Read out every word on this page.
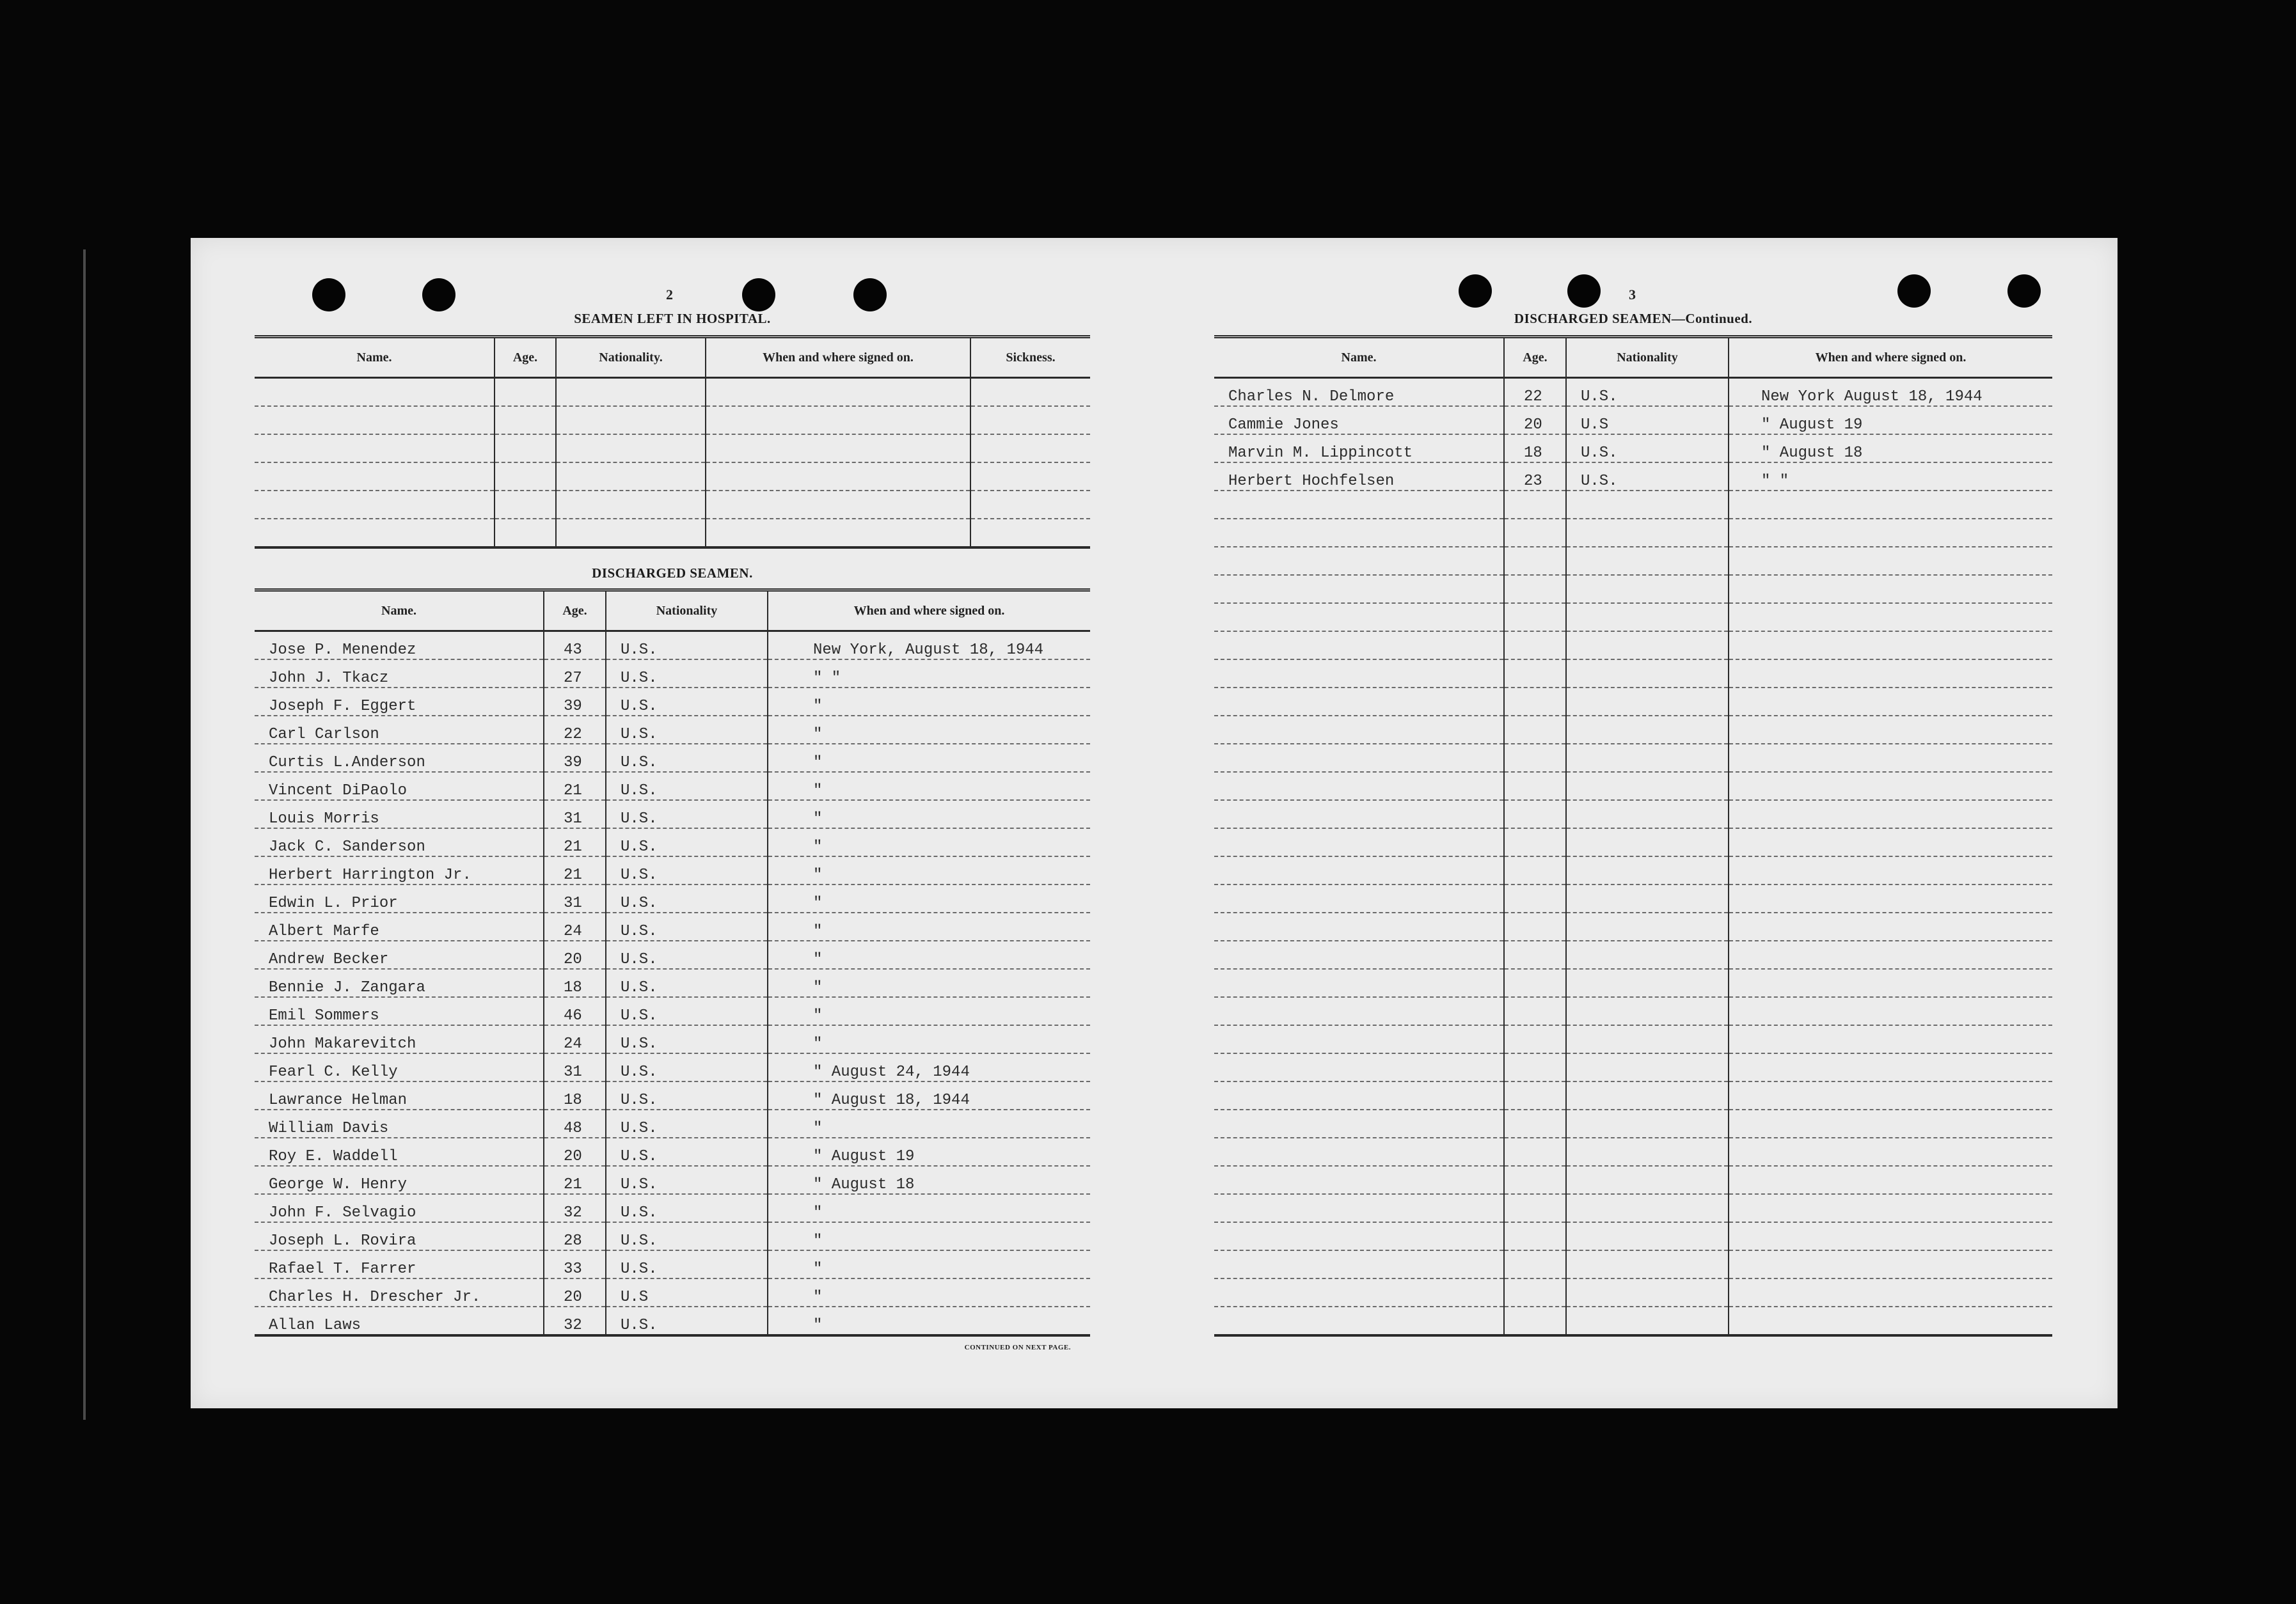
2
SEAMEN LEFT IN HOSPITAL.
Name.	Age.	Nationality.	When and where signed on.	Sickness.

DISCHARGED SEAMEN.
Name.	Age.	Nationality	When and where signed on.
Jose P. Menendez	43	U.S.	New York, August 18, 1944
John J. Tkacz	27	U.S.	" "
Joseph F. Eggert	39	U.S.	"
Carl Carlson	22	U.S.	"
Curtis L.Anderson	39	U.S.	"
Vincent DiPaolo	21	U.S.	"
Louis Morris	31	U.S.	"
Jack C. Sanderson	21	U.S.	"
Herbert Harrington Jr.	21	U.S.	"
Edwin L. Prior	31	U.S.	"
Albert Marfe	24	U.S.	"
Andrew Becker	20	U.S.	"
Bennie J. Zangara	18	U.S.	"
Emil Sommers	46	U.S.	"
John Makarevitch	24	U.S.	"
Fearl C. Kelly	31	U.S.	" August 24, 1944
Lawrance Helman	18	U.S.	" August 18, 1944
William Davis	48	U.S.	"
Roy E. Waddell	20	U.S.	" August 19
George W. Henry	21	U.S.	" August 18
John F. Selvagio	32	U.S.	"
Joseph L. Rovira	28	U.S.	"
Rafael T. Farrer	33	U.S.	"
Charles H. Drescher Jr.	20	U.S	"
Allan Laws	32	U.S.	"
CONTINUED ON NEXT PAGE.
3
DISCHARGED SEAMEN—Continued.
Name.	Age.	Nationality	When and where signed on.
Charles N. Delmore	22	U.S.	New York August 18, 1944
Cammie Jones	20	U.S	" August 19
Marvin M. Lippincott	18	U.S.	" August 18
Herbert Hochfelsen	23	U.S.	" "
